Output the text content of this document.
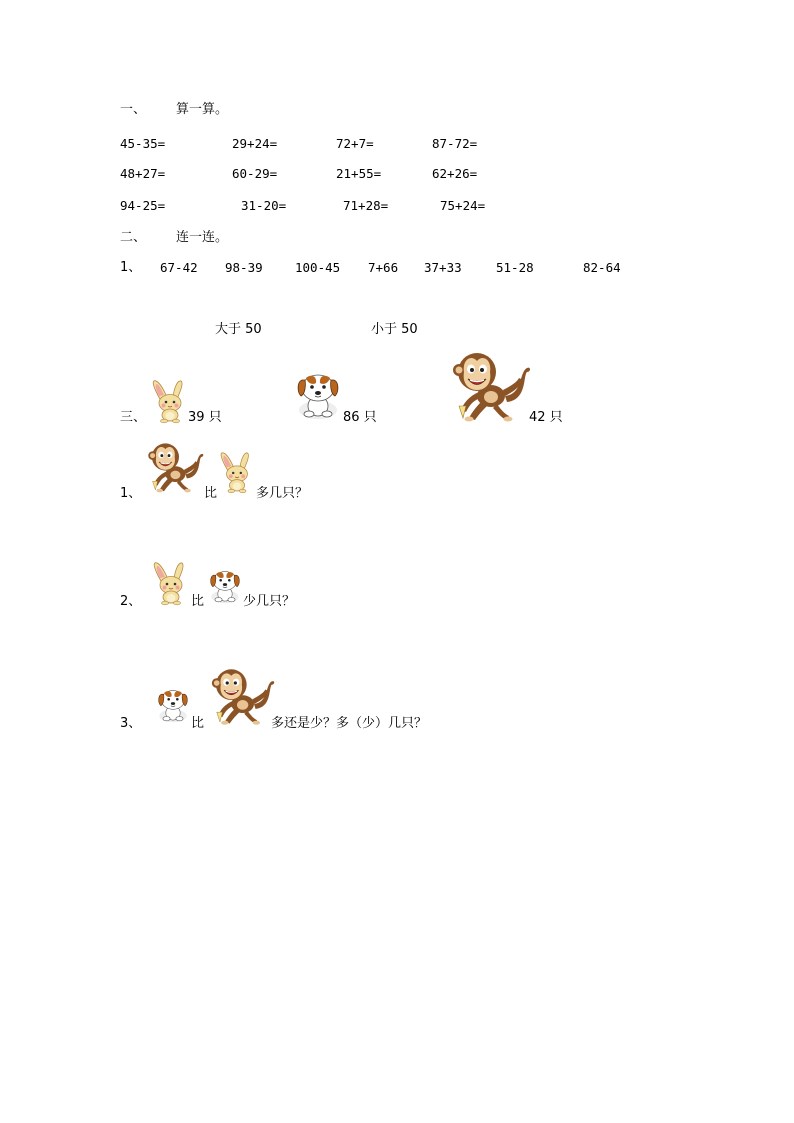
一、 算一算。
45-35=	29+24=	72+7=	87-72=
48+27=	60-29=	21+55=	62+26=
94-25=	31-20=	71+28=	75+24=
二、 连一连。
1、 67-42 98-39	100-45 7+66 37+33	51-28	82-64
大于 50	小于 50
三、	39 只	86 只	42 只
1、	比	多几只？
2、	比	少几只？
3、	比	多还是少？多（少）几只？
